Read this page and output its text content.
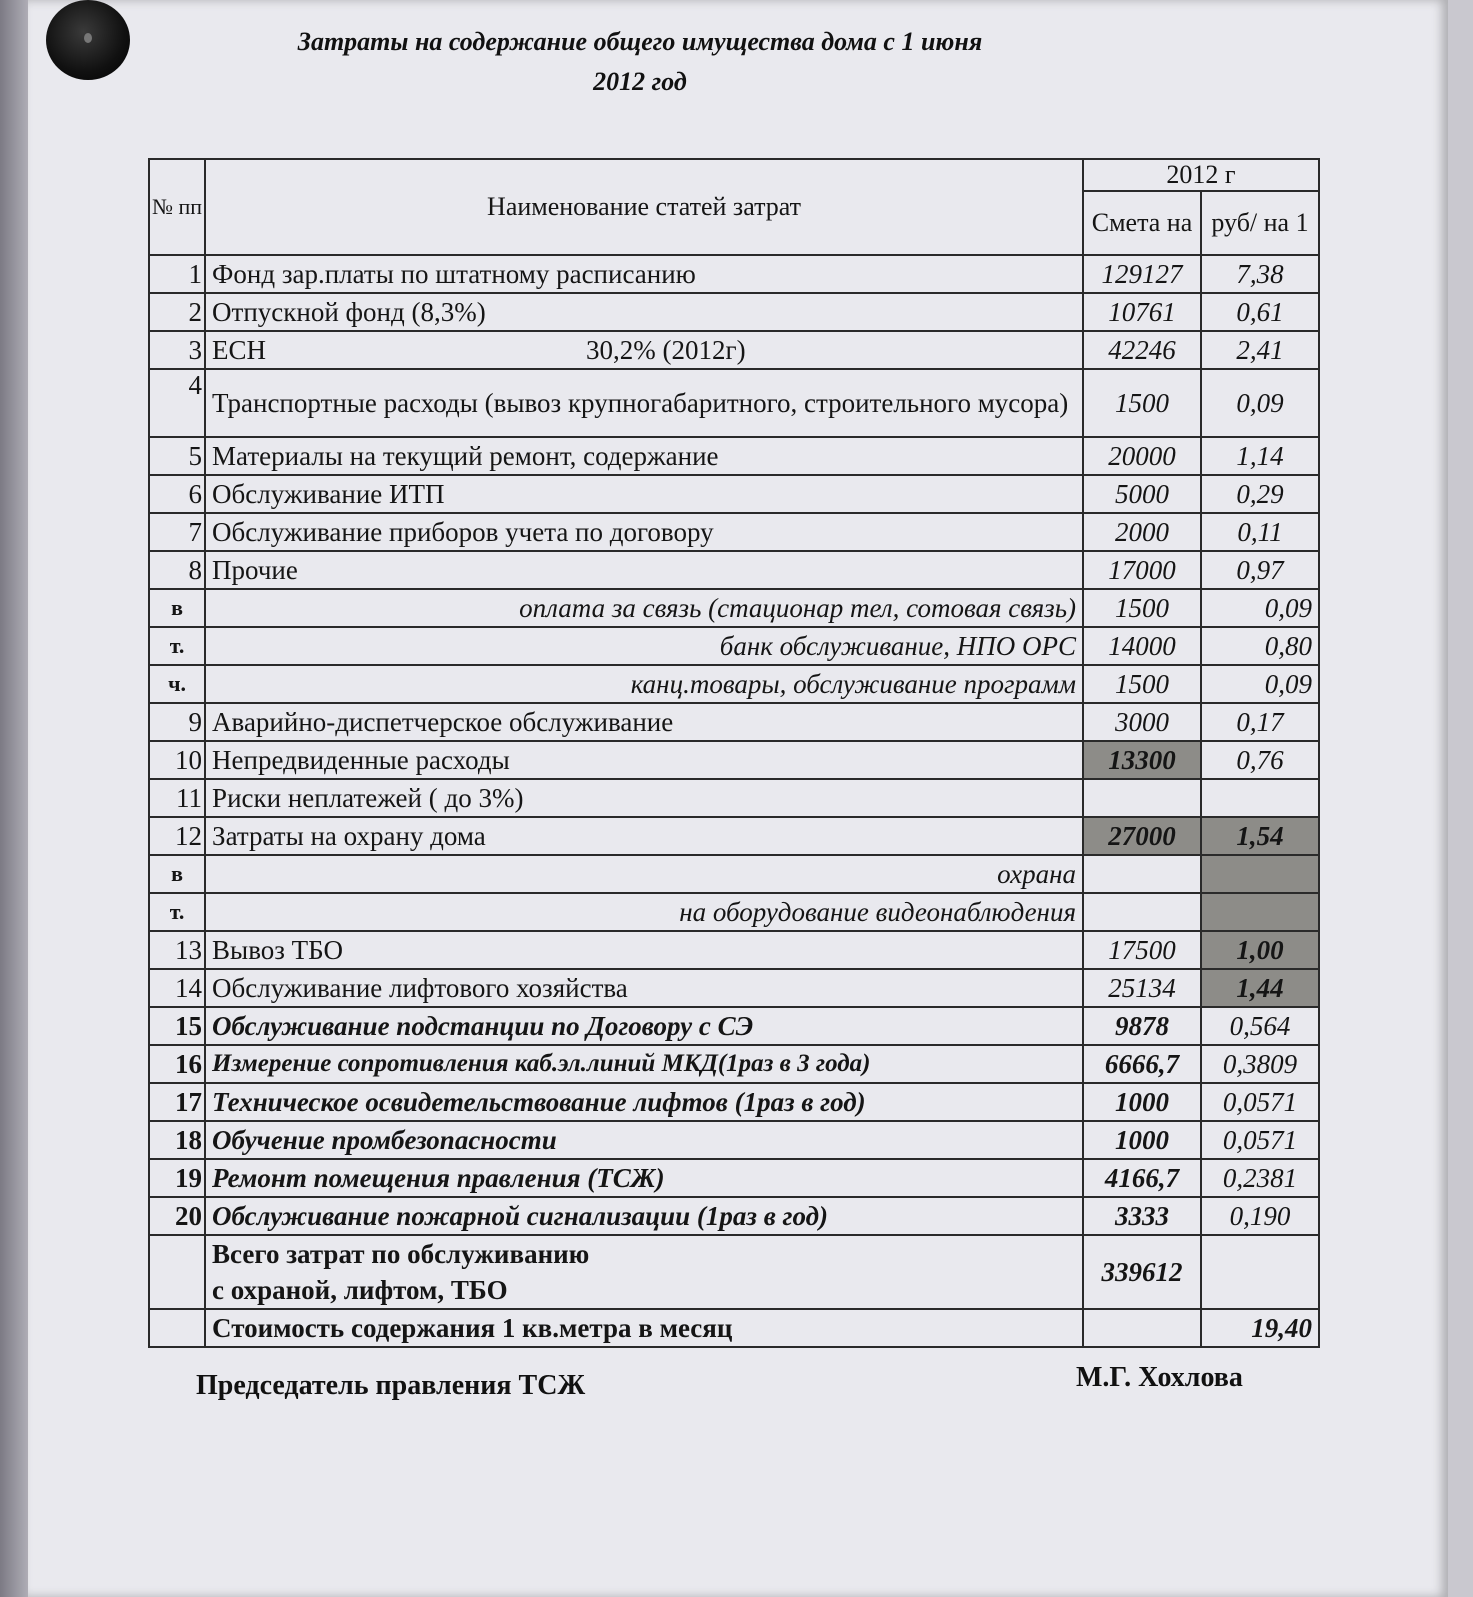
Затраты на содержание общего имущества дома с 1 июня
2012 год
№ пп	Наименование статей затрат	2012 г	
		Смета на	руб/ на 1
1	Фонд зар.платы по штатному расписанию	129127	7,38
2	Отпускной фонд (8,3%)	10761	0,61
3	ЕСН 30,2% (2012г)	42246	2,41
4	Транспортные расходы (вывоз крупногабаритного, строительного мусора)	1500	0,09
5	Материалы на текущий ремонт, содержание	20000	1,14
6	Обслуживание ИТП	5000	0,29
7	Обслуживание приборов учета по договору	2000	0,11
8	Прочие	17000	0,97
в	оплата за связь (стационар тел, сотовая связь)	1500	0,09
т.	банк обслуживание, НПО ОРС	14000	0,80
ч.	канц.товары, обслуживание программ	1500	0,09
9	Аварийно-диспетчерское обслуживание	3000	0,17
10	Непредвиденные расходы	13300	0,76
11	Риски неплатежей ( до 3%)		
12	Затраты на охрану дома	27000	1,54
в	охрана		
т.	на оборудование видеонаблюдения		
13	Вывоз ТБО	17500	1,00
14	Обслуживание лифтового хозяйства	25134	1,44
15	Обслуживание подстанции по Договору с СЭ	9878	0,564
16	Измерение сопротивления каб.эл.линий МКД(1раз в 3 года)	6666,7	0,3809
17	Техническое освидетельствование лифтов (1раз в год)	1000	0,0571
18	Обучение промбезопасности	1000	0,0571
19	Ремонт помещения правления (ТСЖ)	4166,7	0,2381
20	Обслуживание пожарной сигнализации (1раз в год)	3333	0,190

	Всего затрат по обслуживанию
с охраной, лифтом, ТБО	339612	
	Стоимость содержания 1 кв.метра в месяц		19,40
Председатель правления ТСЖ	М.Г. Хохлова
